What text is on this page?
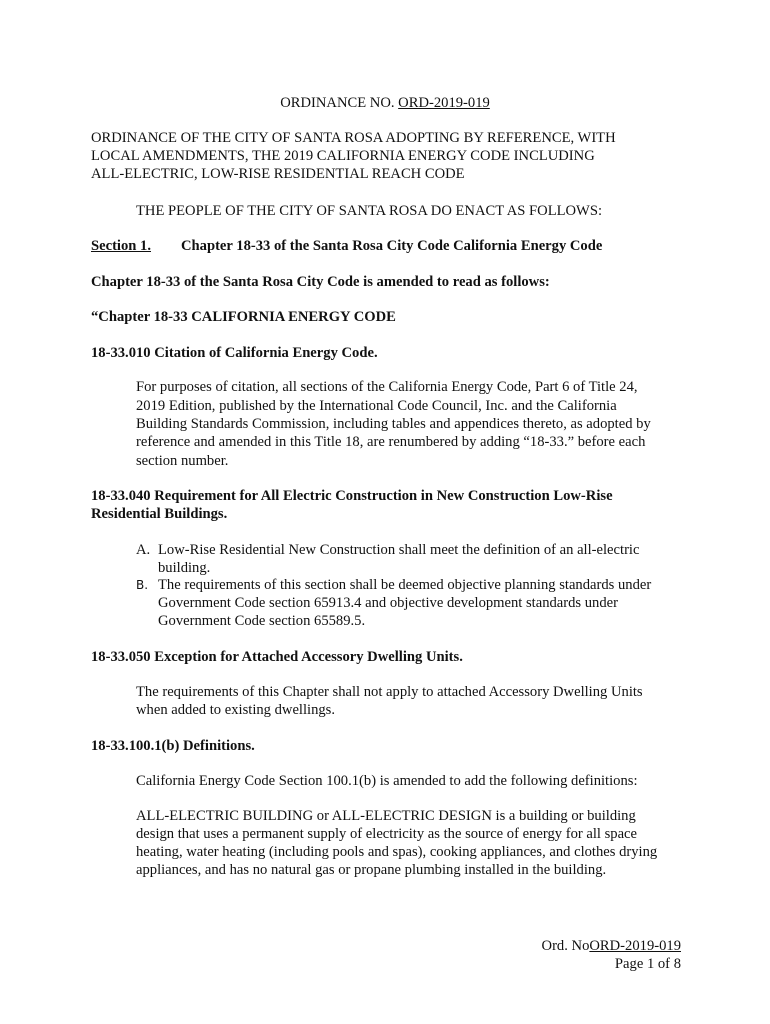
ORDINANCE NO. ORD-2019-019
ORDINANCE OF THE CITY OF SANTA ROSA ADOPTING BY REFERENCE, WITH
LOCAL AMENDMENTS, THE 2019 CALIFORNIA ENERGY CODE INCLUDING
ALL-ELECTRIC, LOW-RISE RESIDENTIAL REACH CODE
THE PEOPLE OF THE CITY OF SANTA ROSA DO ENACT AS FOLLOWS:
Section 1. Chapter 18-33 of the Santa Rosa City Code California Energy Code
Chapter 18-33 of the Santa Rosa City Code is amended to read as follows:
“Chapter 18-33 CALIFORNIA ENERGY CODE
18-33.010 Citation of California Energy Code.
For purposes of citation, all sections of the California Energy Code, Part 6 of Title 24,
2019 Edition, published by the International Code Council, Inc. and the California
Building Standards Commission, including tables and appendices thereto, as adopted by
reference and amended in this Title 18, are renumbered by adding “18-33.” before each
section number.
18-33.040 Requirement for All Electric Construction in New Construction Low-Rise
Residential Buildings.
A. Low-Rise Residential New Construction shall meet the definition of an all-electric
building.
B. The requirements of this section shall be deemed objective planning standards under
Government Code section 65913.4 and objective development standards under
Government Code section 65589.5.
18-33.050 Exception for Attached Accessory Dwelling Units.
The requirements of this Chapter shall not apply to attached Accessory Dwelling Units
when added to existing dwellings.
18-33.100.1(b) Definitions.
California Energy Code Section 100.1(b) is amended to add the following definitions:
ALL-ELECTRIC BUILDING or ALL-ELECTRIC DESIGN is a building or building
design that uses a permanent supply of electricity as the source of energy for all space
heating, water heating (including pools and spas), cooking appliances, and clothes drying
appliances, and has no natural gas or propane plumbing installed in the building.
Ord. NoORD-2019-019
Page 1 of 8
